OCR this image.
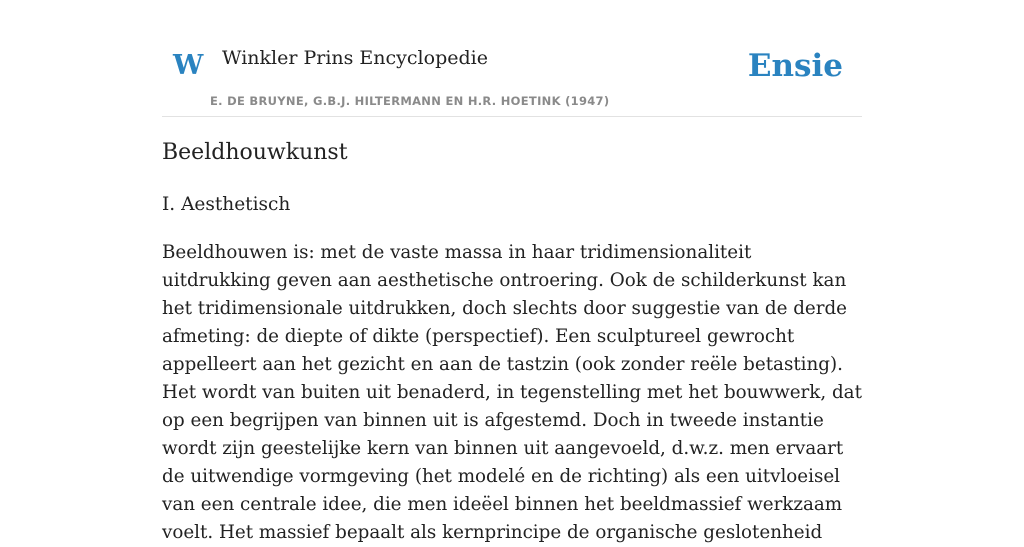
W Winkler Prins Encyclopedie
E. DE BRUYNE, G.B.J. HILTERMANN EN H.R. HOETINK (1947)
Ensie
Beeldhouwkunst
I. Aesthetisch

Beeldhouwen is: met de vaste massa in haar tridimensionaliteit uitdrukking geven aan aesthetische ontroering. Ook de schilderkunst kan het tridimensionale uitdrukken, doch slechts door suggestie van de derde afmeting: de diepte of dikte (perspectief). Een sculptureel gewrocht appelleert aan het gezicht en aan de tastzin (ook zonder reële betasting). Het wordt van buiten uit benaderd, in tegenstelling met het bouwwerk, dat op een begrijpen van binnen uit is afgestemd. Doch in tweede instantie wordt zijn geestelijke kern van binnen uit aangevoeld, d.w.z. men ervaart de uitwendige vormgeving (het modelé en de richting) als een uitvloeisel van een centrale idee, die men ideëel binnen het beeldmassief werkzaam voelt. Het massief bepaalt als kernprincipe de organische geslotenheid
